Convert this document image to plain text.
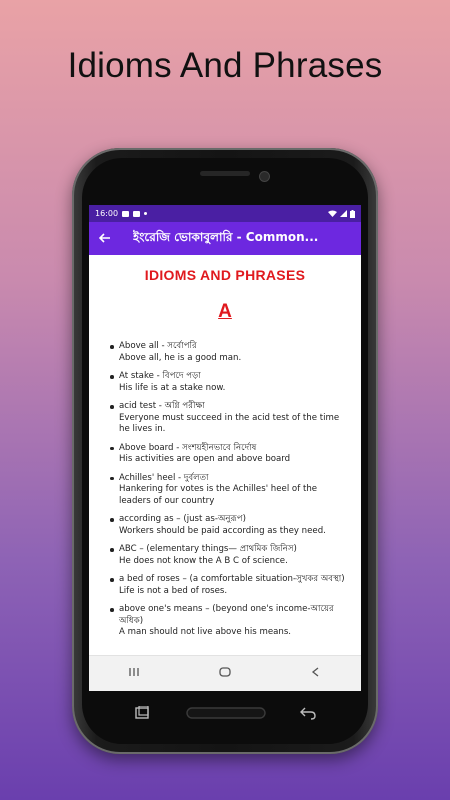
Idioms And Phrases
16:00
ইংরেজি ভোকাবুলারি - Common...
IDIOMS AND PHRASES
A
Above all - সর্বোপরি
Above all, he is a good man.
At stake - বিপদে পড়া
His life is at a stake now.
acid test - অগ্নি পরীক্ষা
Everyone must succeed in the acid test of the time he lives in.
Above board - সংশয়হীনভাবে নির্দোষ
His activities are open and above board
Achilles' heel - দুর্বলতা
Hankering for votes is the Achilles' heel of the leaders of our country
according as – (just as-অনুরূপ)
Workers should be paid according as they need.
ABC – (elementary things— প্রাথমিক জিনিস)
He does not know the A B C of science.
a bed of roses – (a comfortable situation-সুখকর অবস্থা)
Life is not a bed of roses.
above one's means – (beyond one's income-আয়ের অধিক)
A man should not live above his means.
